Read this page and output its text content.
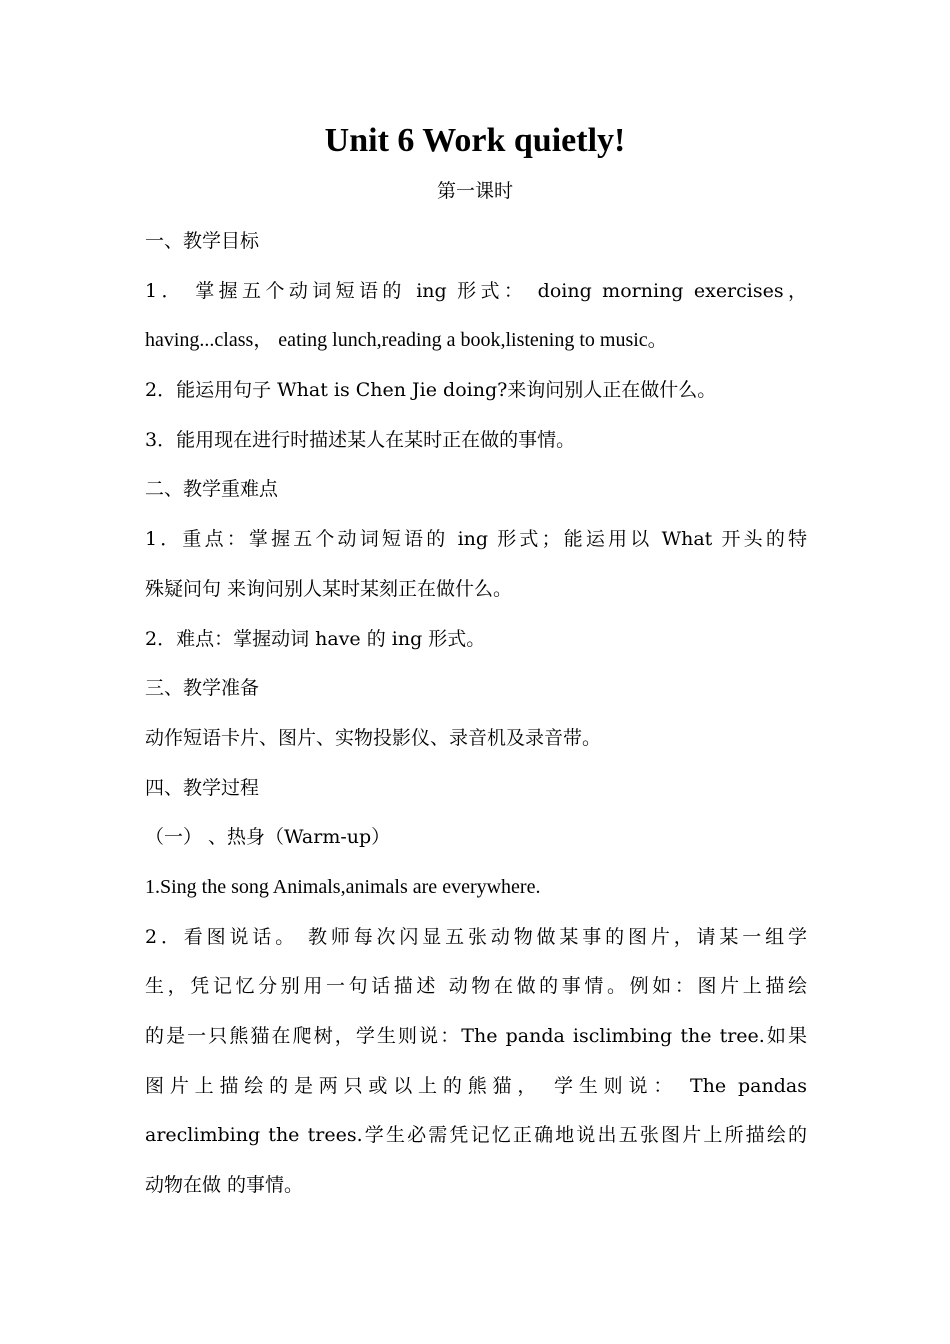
Unit 6 Work quietly!

第一课时

一、教学目标
1． 掌握五个动词短语的 ing 形式： doing morning exercises，
having...class， eating lunch,reading a book,listening to music。
2．能运用句子 What is Chen Jie doing?来询问别人正在做什么。
3．能用现在进行时描述某人在某时正在做的事情。
二、教学重难点
1．重点：掌握五个动词短语的 ing 形式；能运用以 What 开头的特
殊疑问句 来询问别人某时某刻正在做什么。
2．难点：掌握动词 have 的 ing 形式。
三、教学准备
动作短语卡片、图片、实物投影仪、录音机及录音带。
四、教学过程
（一） 、热身（Warm-up）
1.Sing the song Animals,animals are everywhere.
2．看图说话。 教师每次闪显五张动物做某事的图片，请某一组学
生，凭记忆分别用一句话描述 动物在做的事情。例如：图片上描绘
的是一只熊猫在爬树，学生则说：The panda isclimbing the tree.如果
图片上描绘的是两只或以上的熊猫， 学生则说： The pandas
areclimbing the trees.学生必需凭记忆正确地说出五张图片上所描绘的
动物在做 的事情。
